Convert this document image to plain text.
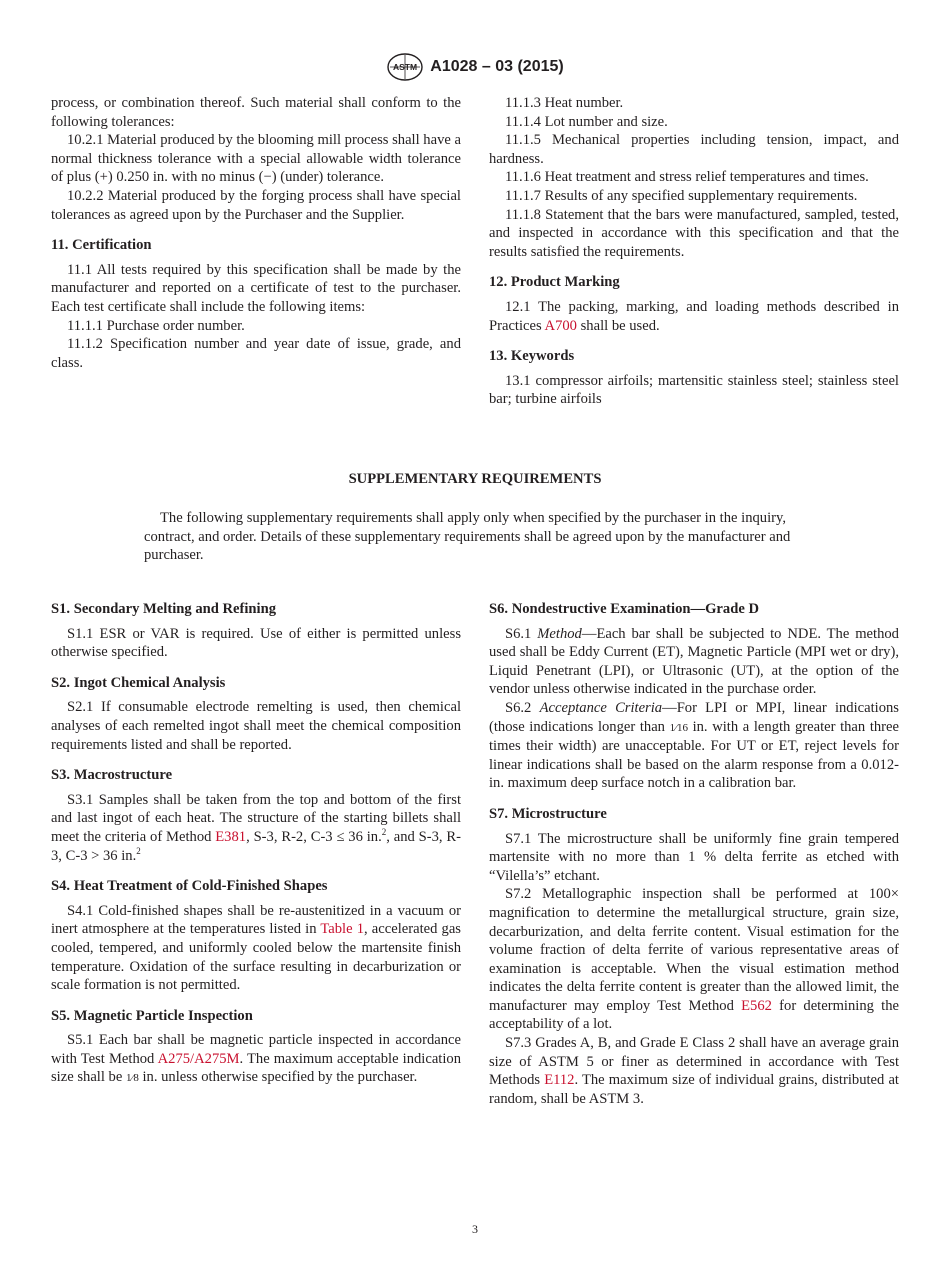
ASTM A1028 – 03 (2015)

process, or combination thereof. Such material shall conform to the following tolerances:

10.2.1 Material produced by the blooming mill process shall have a normal thickness tolerance with a special allowable width tolerance of plus (+) 0.250 in. with no minus (−) (under) tolerance.

10.2.2 Material produced by the forging process shall have special tolerances as agreed upon by the Purchaser and the Supplier.

11. Certification

11.1 All tests required by this specification shall be made by the manufacturer and reported on a certificate of test to the purchaser. Each test certificate shall include the following items:

11.1.1 Purchase order number.

11.1.2 Specification number and year date of issue, grade, and class.

11.1.3 Heat number.

11.1.4 Lot number and size.

11.1.5 Mechanical properties including tension, impact, and hardness.

11.1.6 Heat treatment and stress relief temperatures and times.

11.1.7 Results of any specified supplementary requirements.

11.1.8 Statement that the bars were manufactured, sampled, tested, and inspected in accordance with this specification and that the results satisfied the requirements.

12. Product Marking

12.1 The packing, marking, and loading methods described in Practices A700 shall be used.

13. Keywords

13.1 compressor airfoils; martensitic stainless steel; stainless steel bar; turbine airfoils

SUPPLEMENTARY REQUIREMENTS

The following supplementary requirements shall apply only when specified by the purchaser in the inquiry, contract, and order. Details of these supplementary requirements shall be agreed upon by the manufacturer and purchaser.

S1. Secondary Melting and Refining

S1.1 ESR or VAR is required. Use of either is permitted unless otherwise specified.

S2. Ingot Chemical Analysis

S2.1 If consumable electrode remelting is used, then chemical analyses of each remelted ingot shall meet the chemical composition requirements listed and shall be reported.

S3. Macrostructure

S3.1 Samples shall be taken from the top and bottom of the first and last ingot of each heat. The structure of the starting billets shall meet the criteria of Method E381, S-3, R-2, C-3 ≤ 36 in.$^2$, and S-3, R-3, C-3 > 36 in.$^2$

S4. Heat Treatment of Cold-Finished Shapes

S4.1 Cold-finished shapes shall be re-austenitized in a vacuum or inert atmosphere at the temperatures listed in Table 1, accelerated gas cooled, tempered, and uniformly cooled below the martensite finish temperature. Oxidation of the surface resulting in decarburization or scale formation is not permitted.

S5. Magnetic Particle Inspection

S5.1 Each bar shall be magnetic particle inspected in accordance with Test Method A275/A275M. The maximum acceptable indication size shall be 1⁄8 in. unless otherwise specified by the purchaser.

S6. Nondestructive Examination—Grade D

S6.1 Method—Each bar shall be subjected to NDE. The method used shall be Eddy Current (ET), Magnetic Particle (MPI wet or dry), Liquid Penetrant (LPI), or Ultrasonic (UT), at the option of the vendor unless otherwise indicated in the purchase order.

S6.2 Acceptance Criteria—For LPI or MPI, linear indications (those indications longer than 1⁄16 in. with a length greater than three times their width) are unacceptable. For UT or ET, reject levels for linear indications shall be based on the alarm response from a 0.012-in. maximum deep surface notch in a calibration bar.

S7. Microstructure

S7.1 The microstructure shall be uniformly fine grain tempered martensite with no more than 1 % delta ferrite as etched with “Vilella’s” etchant.

S7.2 Metallographic inspection shall be performed at 100× magnification to determine the metallurgical structure, grain size, decarburization, and delta ferrite content. Visual estimation for the volume fraction of delta ferrite of various representative areas of examination is acceptable. When the visual estimation method indicates the delta ferrite content is greater than the allowed limit, the manufacturer may employ Test Method E562 for determining the acceptability of a lot.

S7.3 Grades A, B, and Grade E Class 2 shall have an average grain size of ASTM 5 or finer as determined in accordance with Test Methods E112. The maximum size of individual grains, distributed at random, shall be ASTM 3.

3
